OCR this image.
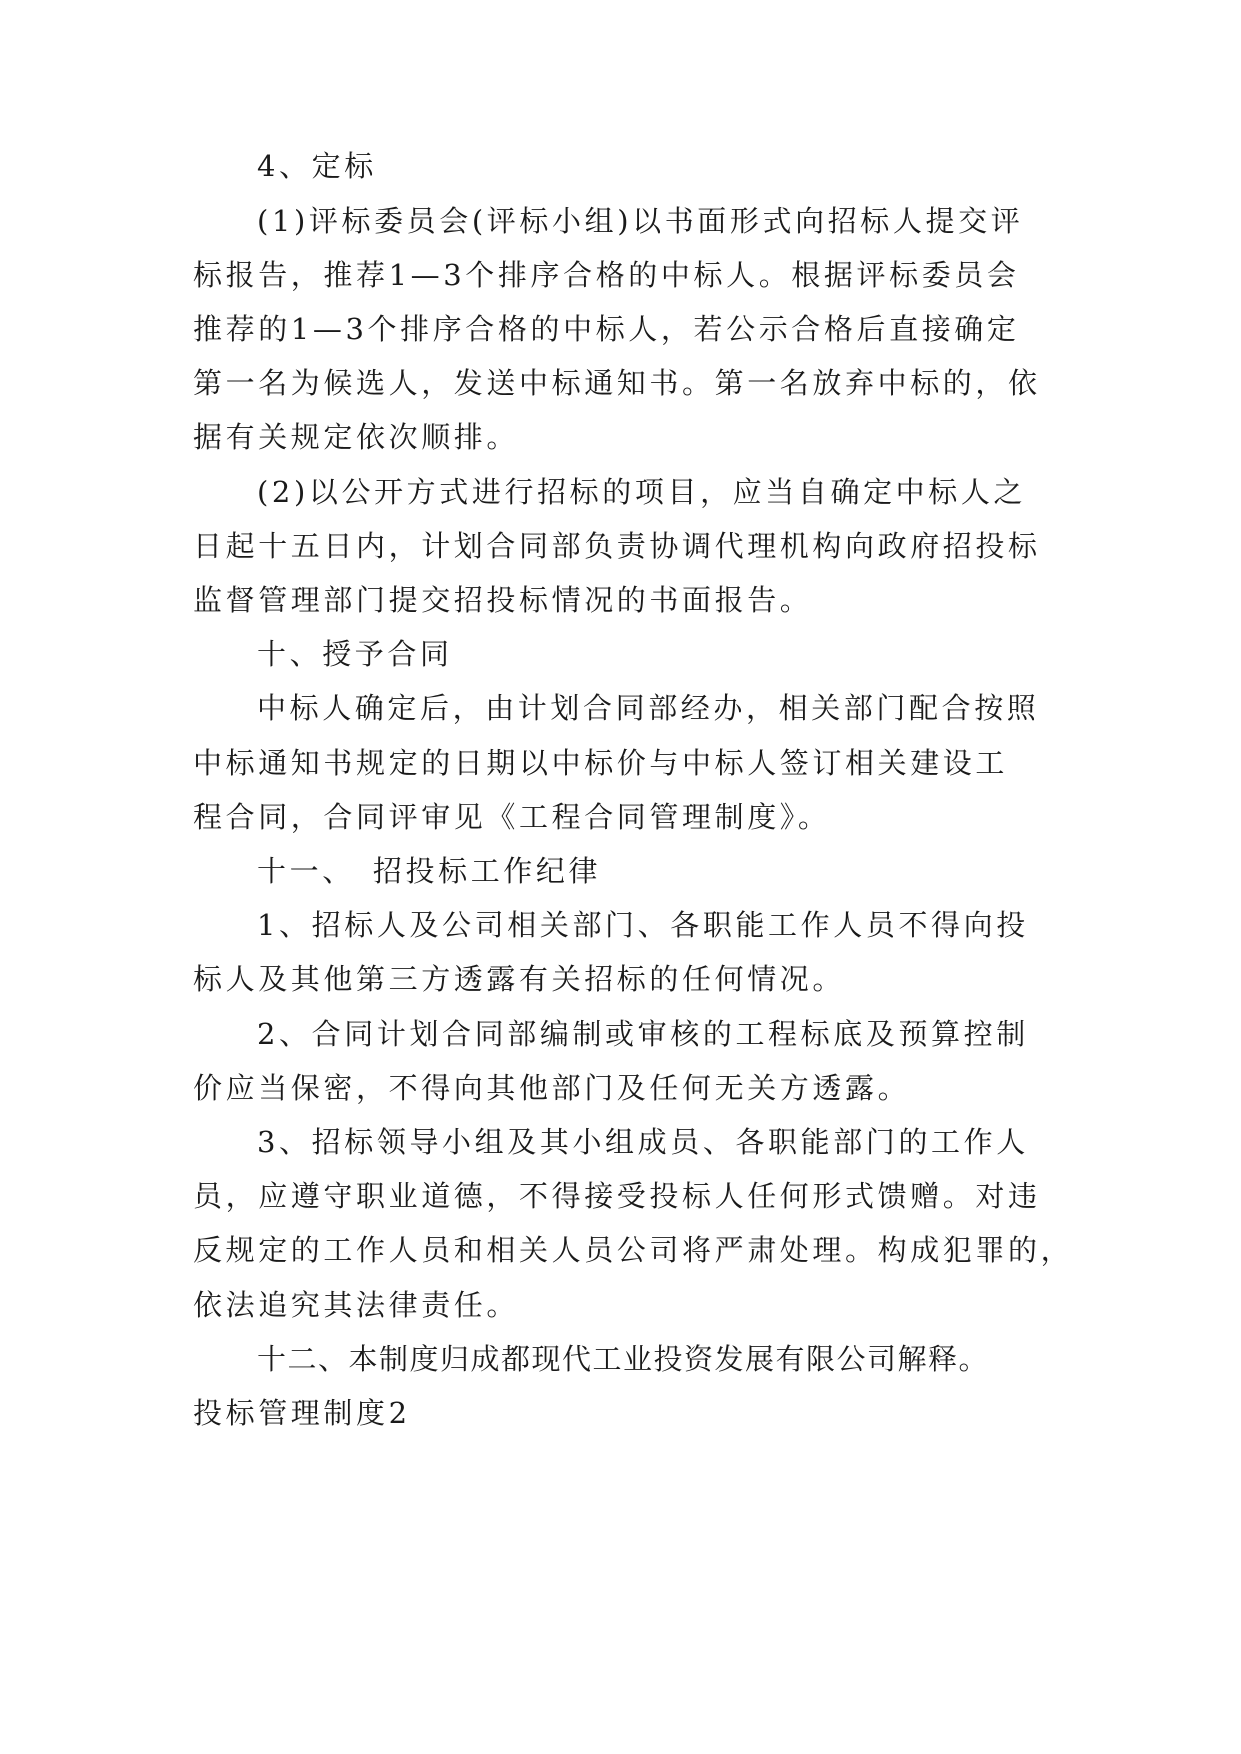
4、定标
(1)评标委员会(评标小组)以书面形式向招标人提交评
标报告，推荐1—3个排序合格的中标人。根据评标委员会
推荐的1—3个排序合格的中标人，若公示合格后直接确定
第一名为候选人，发送中标通知书。第一名放弃中标的，依
据有关规定依次顺排。
(2)以公开方式进行招标的项目，应当自确定中标人之
日起十五日内，计划合同部负责协调代理机构向政府招投标
监督管理部门提交招投标情况的书面报告。
十、授予合同
中标人确定后，由计划合同部经办，相关部门配合按照
中标通知书规定的日期以中标价与中标人签订相关建设工
程合同，合同评审见《工程合同管理制度》。
十一、　招投标工作纪律
1、招标人及公司相关部门、各职能工作人员不得向投
标人及其他第三方透露有关招标的任何情况。
2、合同计划合同部编制或审核的工程标底及预算控制
价应当保密，不得向其他部门及任何无关方透露。
3、招标领导小组及其小组成员、各职能部门的工作人
员，应遵守职业道德，不得接受投标人任何形式馈赠。对违
反规定的工作人员和相关人员公司将严肃处理。构成犯罪的，
依法追究其法律责任。
十二、本制度归成都现代工业投资发展有限公司解释。
投标管理制度2
